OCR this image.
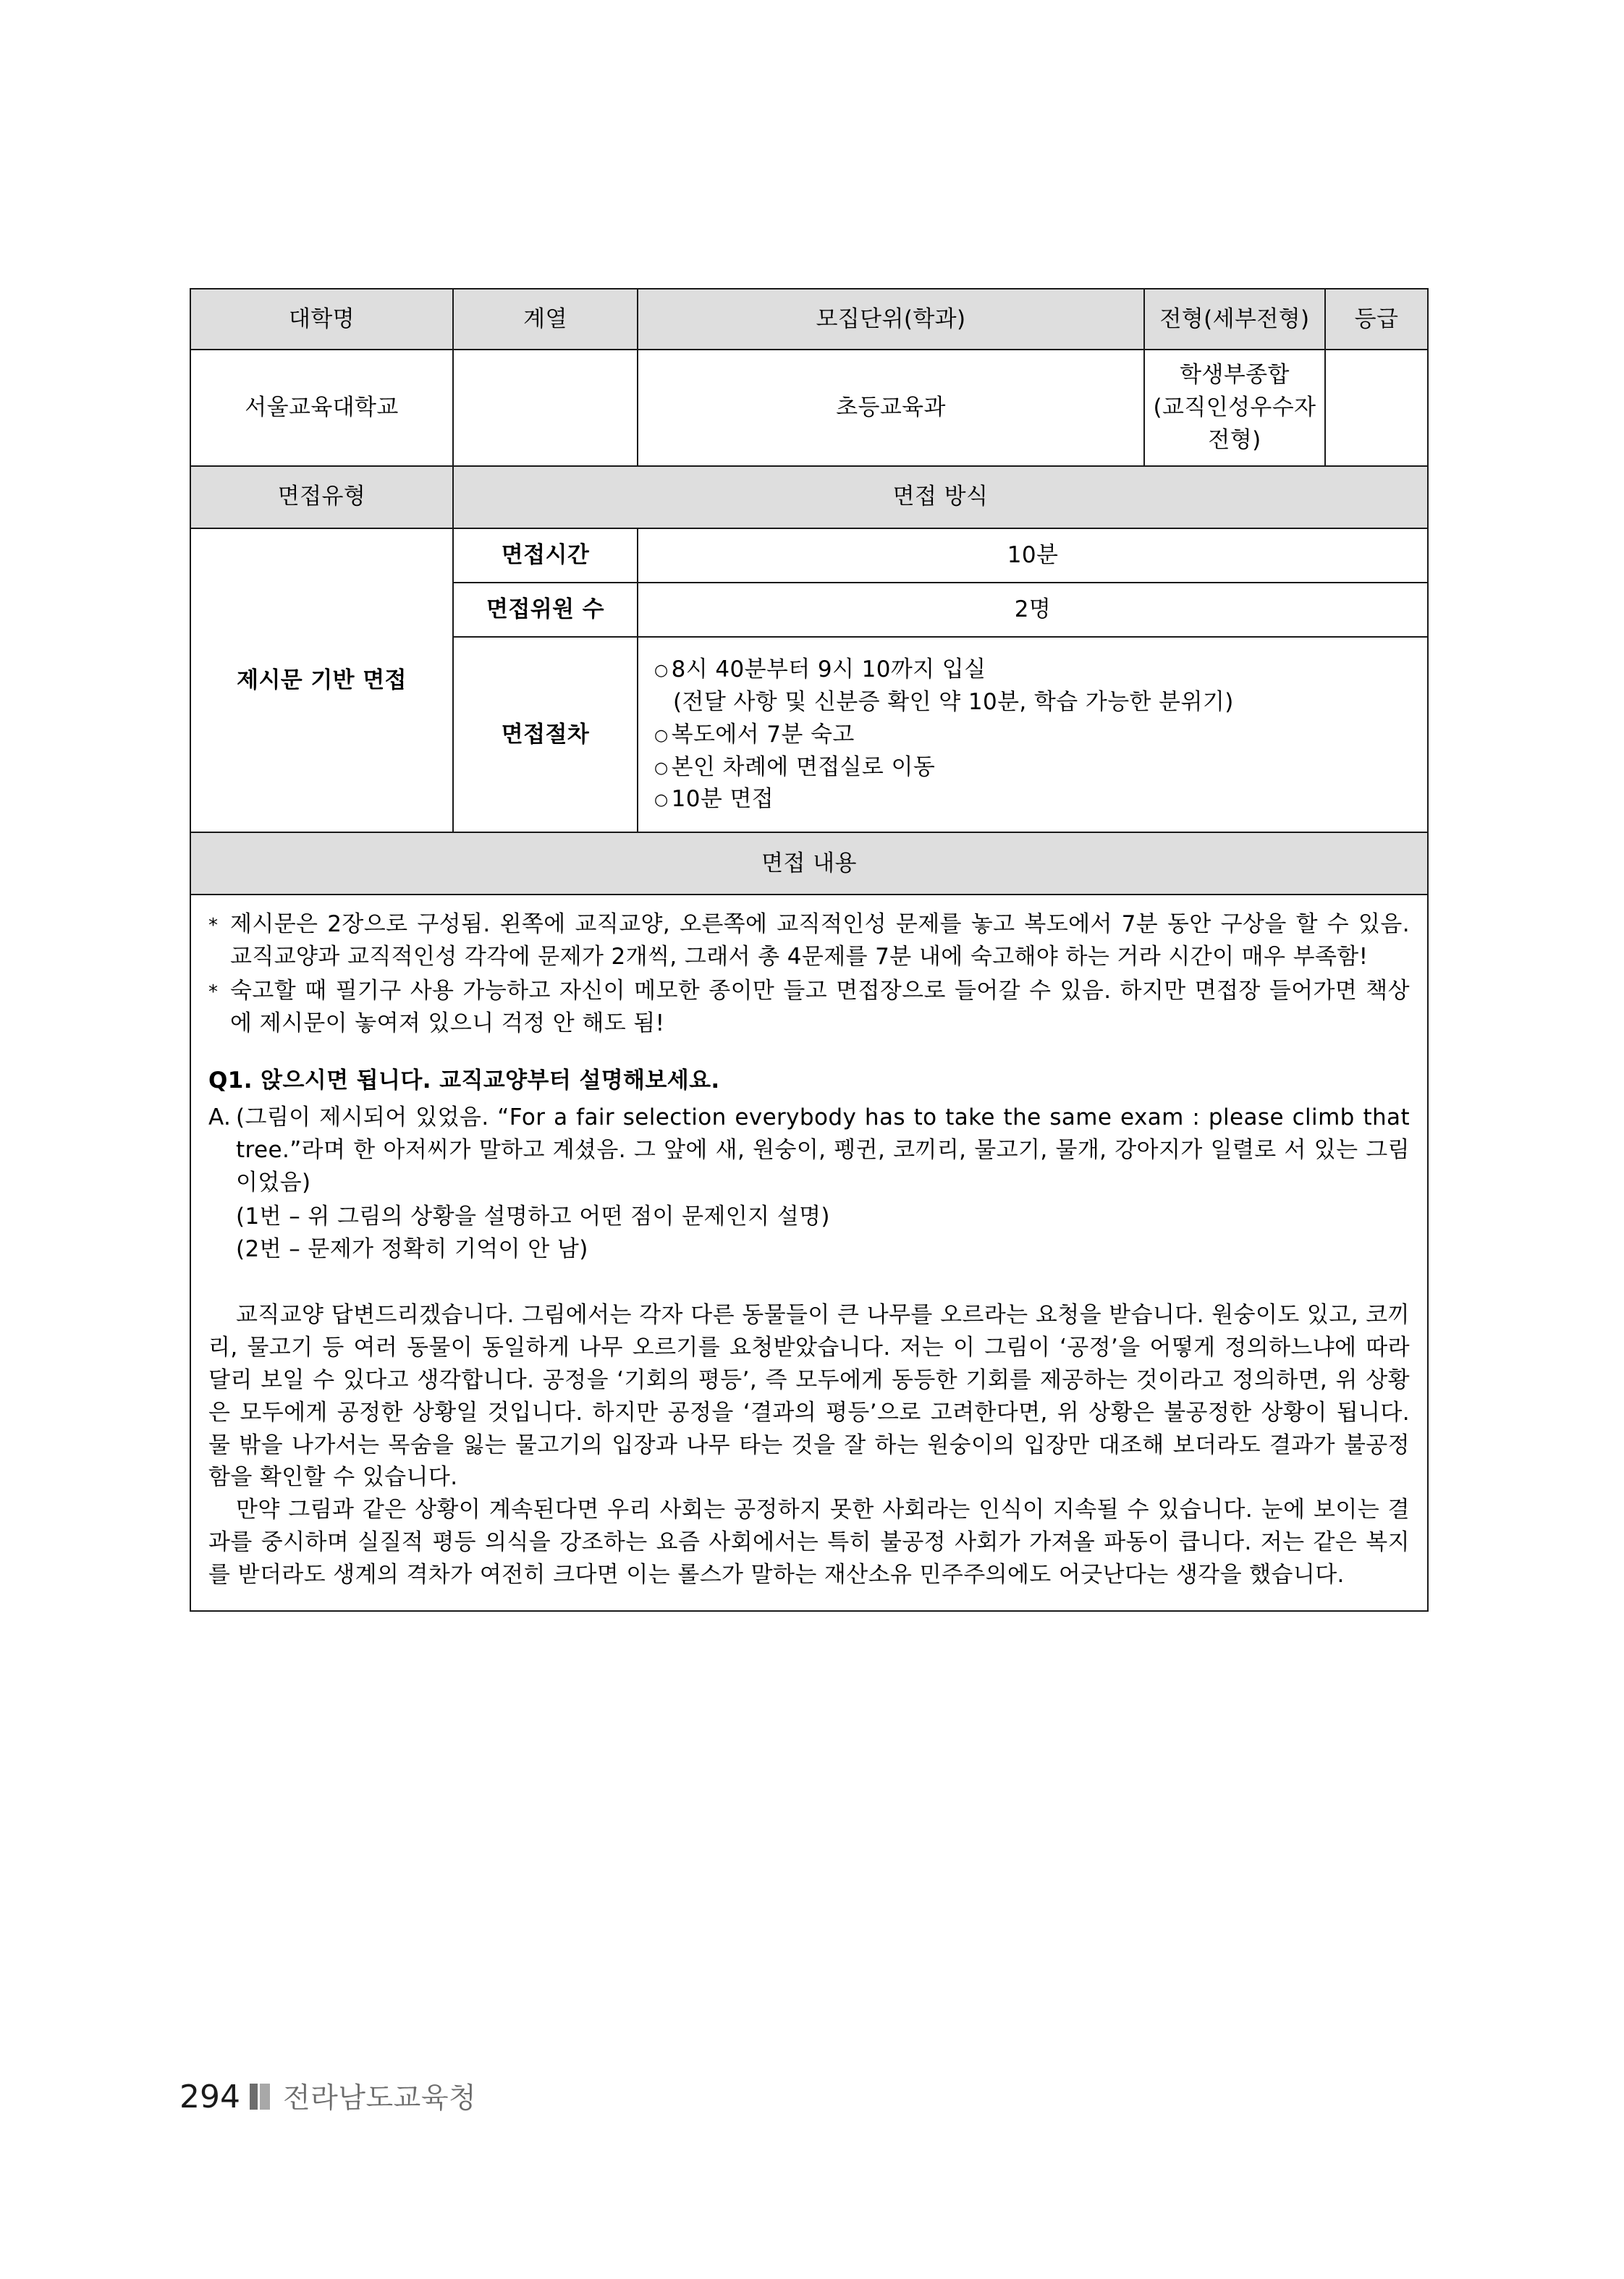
대학명	계열	모집단위(학과)	전형(세부전형)	등급
서울교육대학교		초등교육과	학생부종합
(교직인성우수자 전형)	

면접유형	면접 방식			
제시문 기반 면접	면접시간	10분		
	면접위원 수	2명		
	면접절차	○ 8시 40분부터 9시 10까지 입실
(전달 사항 및 신분증 확인 약 10분, 학습 가능한 분위기)
○ 복도에서 7분 숙고
○ 본인 차례에 면접실로 이동
○ 10분 면접		

면접 내용				

* 제시문은 2장으로 구성됨. 왼쪽에 교직교양, 오른쪽에 교직적인성 문제를 놓고 복도에서 7분 동안 구상을 할 수 있음. 교직교양과 교직적인성 각각에 문제가 2개씩, 그래서 총 4문제를 7분 내에 숙고해야 하는 거라 시간이 매우 부족함!
* 숙고할 때 필기구 사용 가능하고 자신이 메모한 종이만 들고 면접장으로 들어갈 수 있음. 하지만 면접장 들어가면 책상에 제시문이 놓여져 있으니 걱정 안 해도 됨!
Q1. 앉으시면 됩니다. 교직교양부터 설명해보세요.
A. (그림이 제시되어 있었음. “For a fair selection everybody has to take the same exam : please climb that tree.”라며 한 아저씨가 말하고 계셨음. 그 앞에 새, 원숭이, 펭귄, 코끼리, 물고기, 물개, 강아지가 일렬로 서 있는 그림이었음)
(1번 – 위 그림의 상황을 설명하고 어떤 점이 문제인지 설명)
(2번 – 문제가 정확히 기억이 안 남)
교직교양 답변드리겠습니다. 그림에서는 각자 다른 동물들이 큰 나무를 오르라는 요청을 받습니다. 원숭이도 있고, 코끼리, 물고기 등 여러 동물이 동일하게 나무 오르기를 요청받았습니다. 저는 이 그림이 ‘공정’을 어떻게 정의하느냐에 따라 달리 보일 수 있다고 생각합니다. 공정을 ‘기회의 평등’, 즉 모두에게 동등한 기회를 제공하는 것이라고 정의하면, 위 상황은 모두에게 공정한 상황일 것입니다. 하지만 공정을 ‘결과의 평등’으로 고려한다면, 위 상황은 불공정한 상황이 됩니다. 물 밖을 나가서는 목숨을 잃는 물고기의 입장과 나무 타는 것을 잘 하는 원숭이의 입장만 대조해 보더라도 결과가 불공정함을 확인할 수 있습니다.
만약 그림과 같은 상황이 계속된다면 우리 사회는 공정하지 못한 사회라는 인식이 지속될 수 있습니다. 눈에 보이는 결과를 중시하며 실질적 평등 의식을 강조하는 요즘 사회에서는 특히 불공정 사회가 가져올 파동이 큽니다. 저는 같은 복지를 받더라도 생계의 격차가 여전히 크다면 이는 롤스가 말하는 재산소유 민주주의에도 어긋난다는 생각을 했습니다.
294 전라남도교육청
